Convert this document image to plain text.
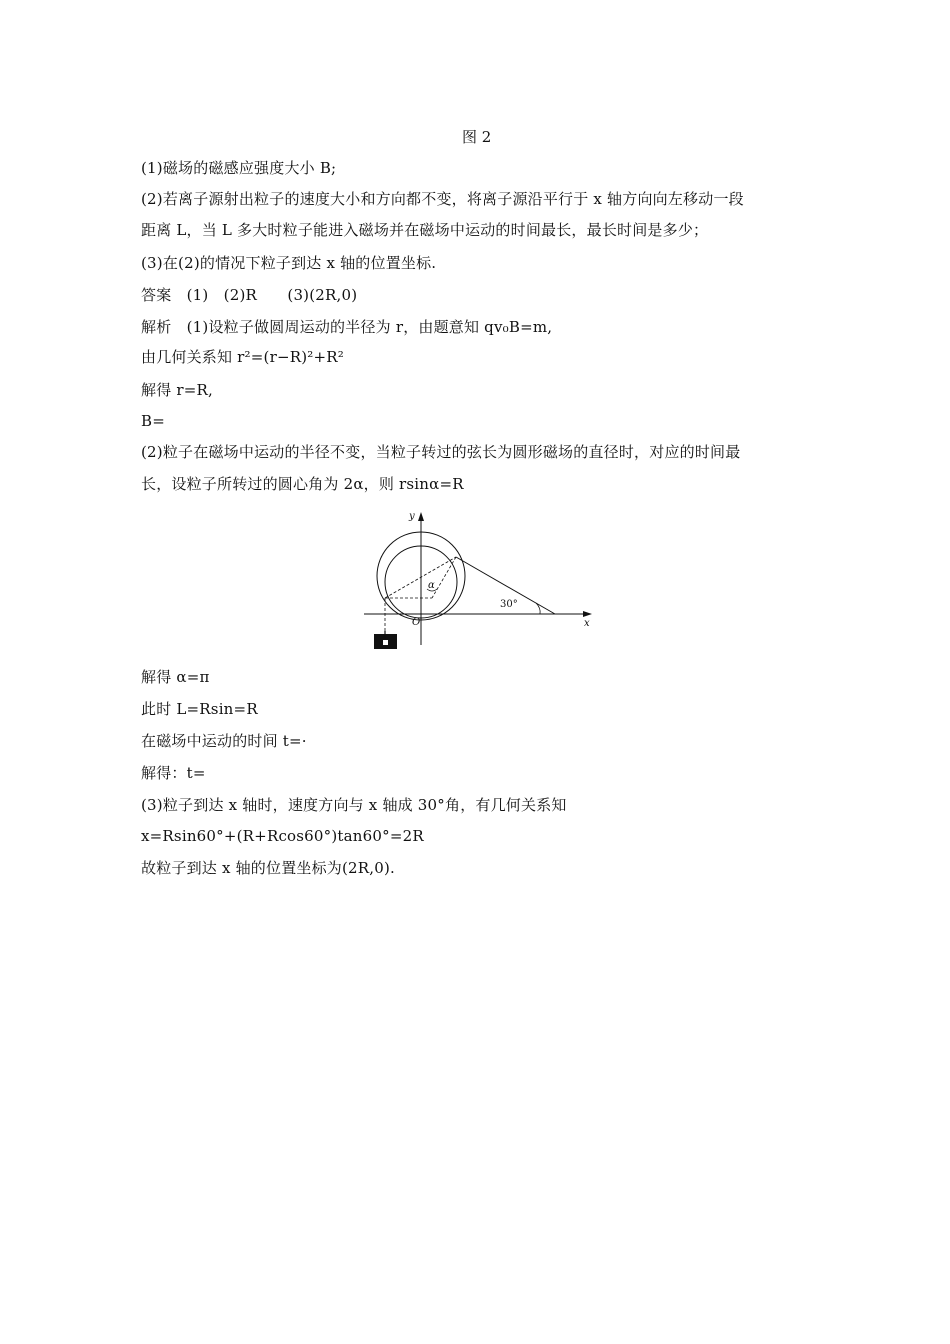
图 2
(1)磁场的磁感应强度大小 B;
(2)若离子源射出粒子的速度大小和方向都不变，将离子源沿平行于 x 轴方向向左移动一段
距离 L，当 L 多大时粒子能进入磁场并在磁场中运动的时间最长，最长时间是多少；
(3)在(2)的情况下粒子到达 x 轴的位置坐标.
答案　(1)　(2)R　　(3)(2R,0)
解析　(1)设粒子做圆周运动的半径为 r，由题意知 qv₀B=m,
由几何关系知 r²=(r−R)²+R²
解得 r=R,
B=
(2)粒子在磁场中运动的半径不变，当粒子转过的弦长为圆形磁场的直径时，对应的时间最
长，设粒子所转过的圆心角为 2α，则 rsinα=R
y
x
O
α
30°
解得 α=π
此时 L=Rsin=R
在磁场中运动的时间 t=·
解得：t=
(3)粒子到达 x 轴时，速度方向与 x 轴成 30°角，有几何关系知
x=Rsin60°+(R+Rcos60°)tan60°=2R
故粒子到达 x 轴的位置坐标为(2R,0).
